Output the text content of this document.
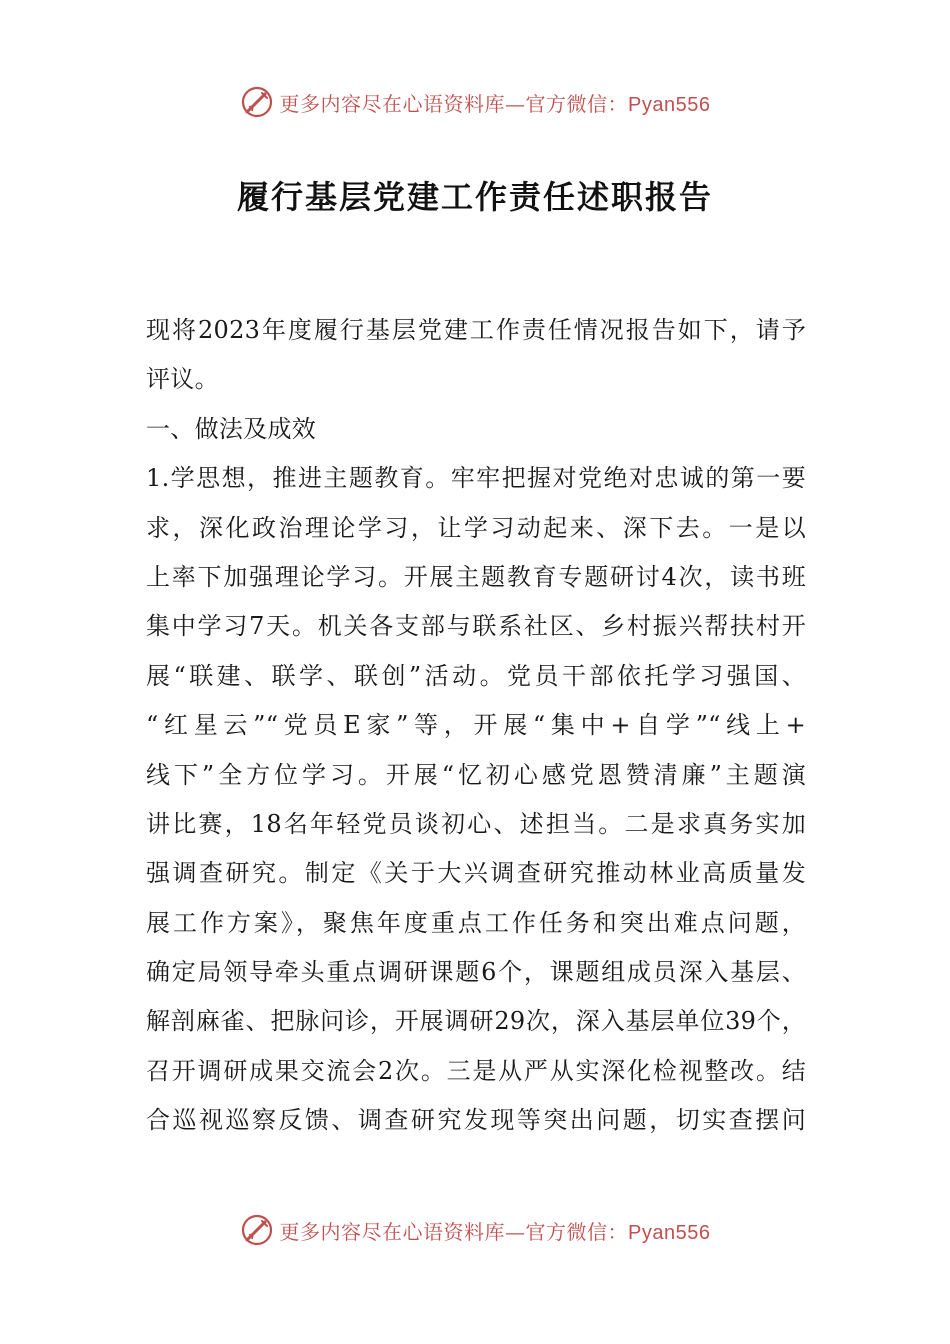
更多内容尽在心语资料库—官方微信：Pyan556
履行基层党建工作责任述职报告
现将2023年度履行基层党建工作责任情况报告如下，请予
评议。
一、做法及成效
1.学思想，推进主题教育。牢牢把握对党绝对忠诚的第一要
求，深化政治理论学习，让学习动起来、深下去。一是以
上率下加强理论学习。开展主题教育专题研讨4次，读书班
集中学习7天。机关各支部与联系社区、乡村振兴帮扶村开
展“联建、联学、联创”活动。党员干部依托学习强国、
“红星云”“党员E家”等，开展“集中+自学”“线上+
线下”全方位学习。开展“忆初心感党恩赞清廉”主题演
讲比赛，18名年轻党员谈初心、述担当。二是求真务实加
强调查研究。制定《关于大兴调查研究推动林业高质量发
展工作方案》，聚焦年度重点工作任务和突出难点问题，
确定局领导牵头重点调研课题6个，课题组成员深入基层、
解剖麻雀、把脉问诊，开展调研29次，深入基层单位39个，
召开调研成果交流会2次。三是从严从实深化检视整改。结
合巡视巡察反馈、调查研究发现等突出问题，切实查摆问
更多内容尽在心语资料库—官方微信：Pyan556
